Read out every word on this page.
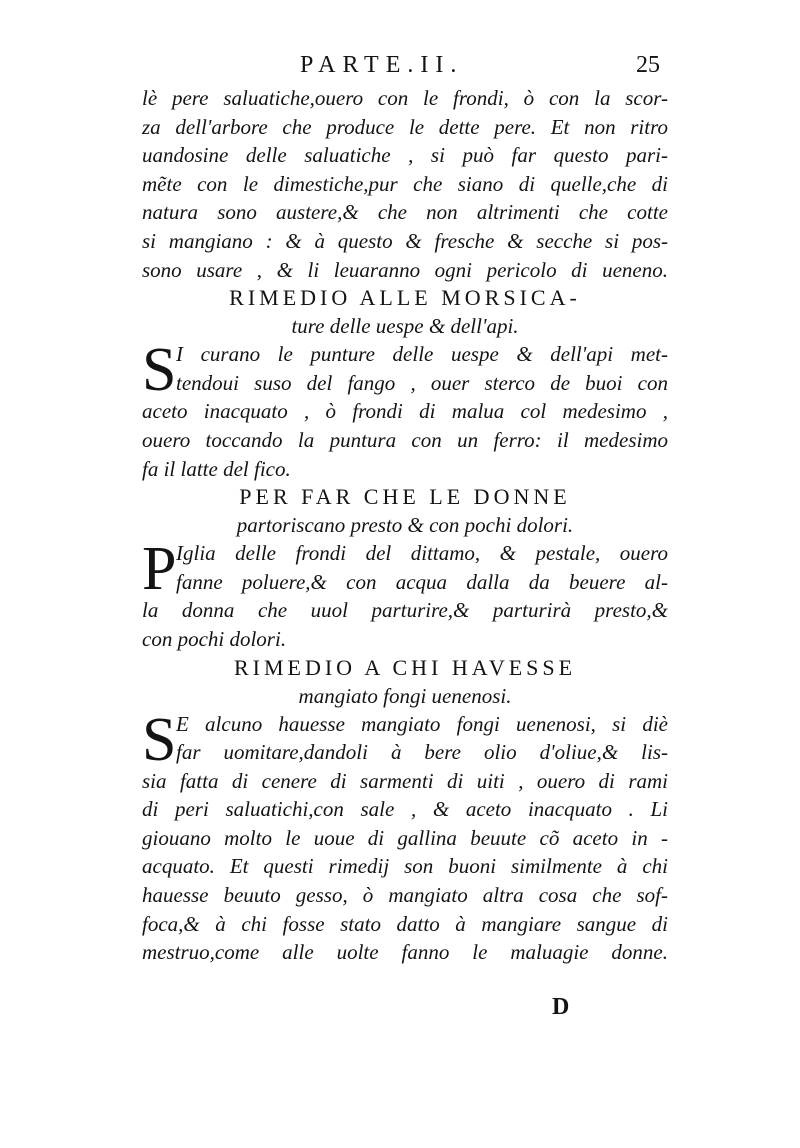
PARTE.II.	25
lè pere saluatiche,ouero con le frondi, ò con la scor-
za dell'arbore che produce le dette pere. Et non ritro
uandosine delle saluatiche , si può far questo pari-
mẽte con le dimestiche,pur che siano di quelle,che di
natura sono austere,& che non altrimenti che cotte
si mangiano : & à questo & fresche & secche si pos-
sono usare , & li leuaranno ogni pericolo di ueneno.
RIMEDIO ALLE MORSICA-
ture delle uespe & dell'api.
S I curano le punture delle uespe & dell'api met-
tendoui suso del fango , ouer sterco de buoi con
aceto inacquato , ò frondi di malua col medesimo ,
ouero toccando la puntura con un ferro: il medesimo
fa il latte del fico.
PER FAR CHE LE DONNE
partoriscano presto & con pochi dolori.
P Iglia delle frondi del dittamo, & pestale, ouero
fanne poluere,& con acqua dalla da beuere al-
la donna che uuol parturire,& parturirà presto,&
con pochi dolori.
RIMEDIO A CHI HAVESSE
mangiato fongi uenenosi.
S E alcuno hauesse mangiato fongi uenenosi, si diè
far uomitare,dandoli à bere olio d'oliue,& lis-
sia fatta di cenere di sarmenti di uiti , ouero di rami
di peri saluatichi,con sale , & aceto inacquato . Li
giouano molto le uoue di gallina beuute cõ aceto in -
acquato. Et questi rimedij son buoni similmente à chi
hauesse beuuto gesso, ò mangiato altra cosa che sof-
foca,& à chi fosse stato datto à mangiare sangue di
mestruo,come alle uolte fanno le maluagie donne.
D
